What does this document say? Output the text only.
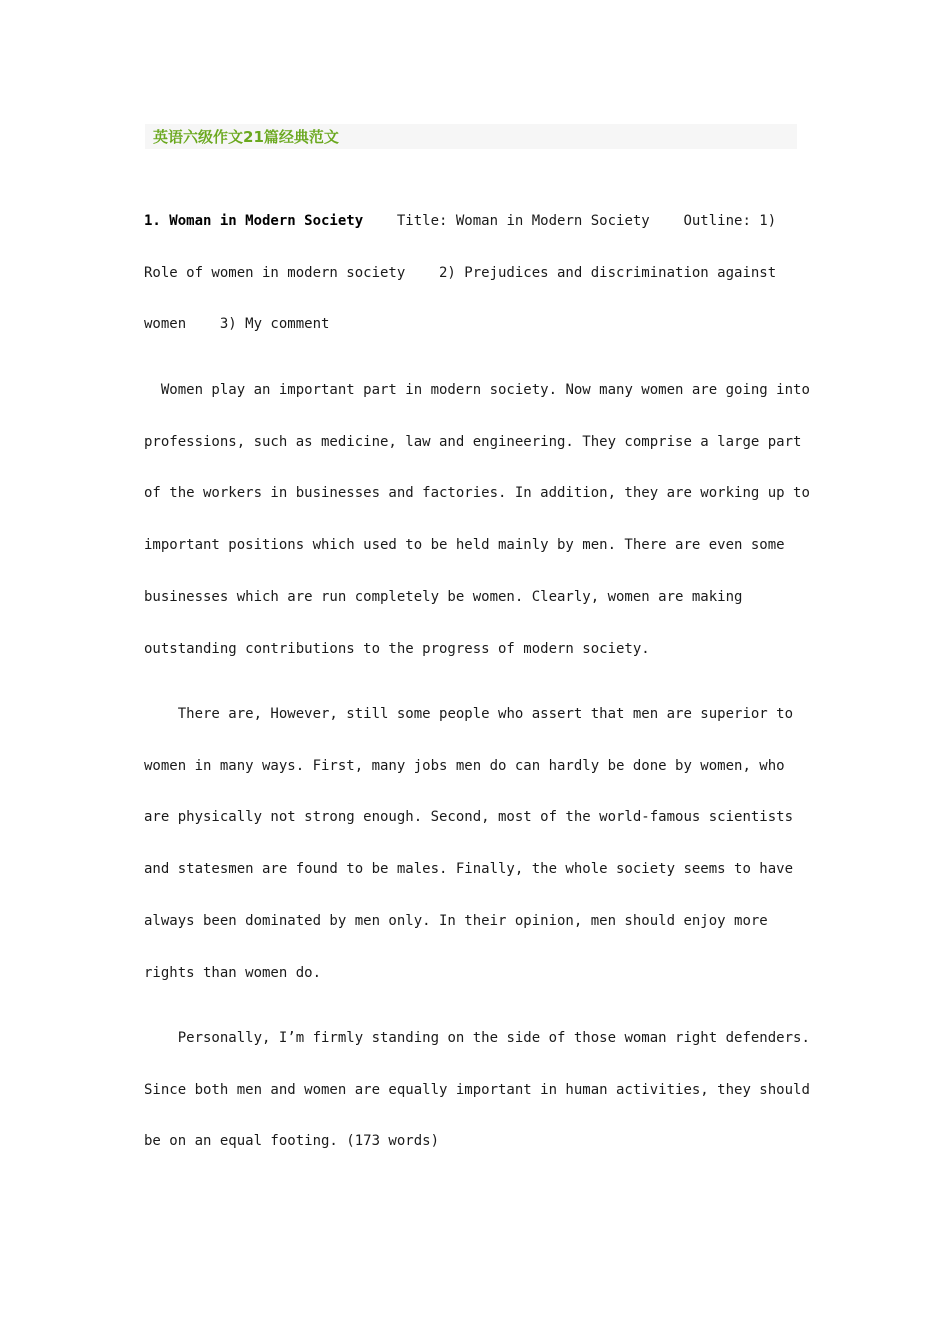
英语六级作文21篇经典范文
1. Woman in Modern Society    Title: Woman in Modern Society    Outline: 1) Role of women in modern society    2) Prejudices and discrimination against women    3) My comment
Women play an important part in modern society. Now many women are going into professions, such as medicine, law and engineering. They comprise a large part of the workers in businesses and factories. In addition, they are working up to important positions which used to be held mainly by men. There are even some businesses which are run completely be women. Clearly, women are making outstanding contributions to the progress of modern society.
There are, However, still some people who assert that men are superior to women in many ways. First, many jobs men do can hardly be done by women, who are physically not strong enough. Second, most of the world-famous scientists and statesmen are found to be males. Finally, the whole society seems to have always been dominated by men only. In their opinion, men should enjoy more rights than women do.
Personally, I’m firmly standing on the side of those woman right defenders. Since both men and women are equally important in human activities, they should be on an equal footing. (173 words)
